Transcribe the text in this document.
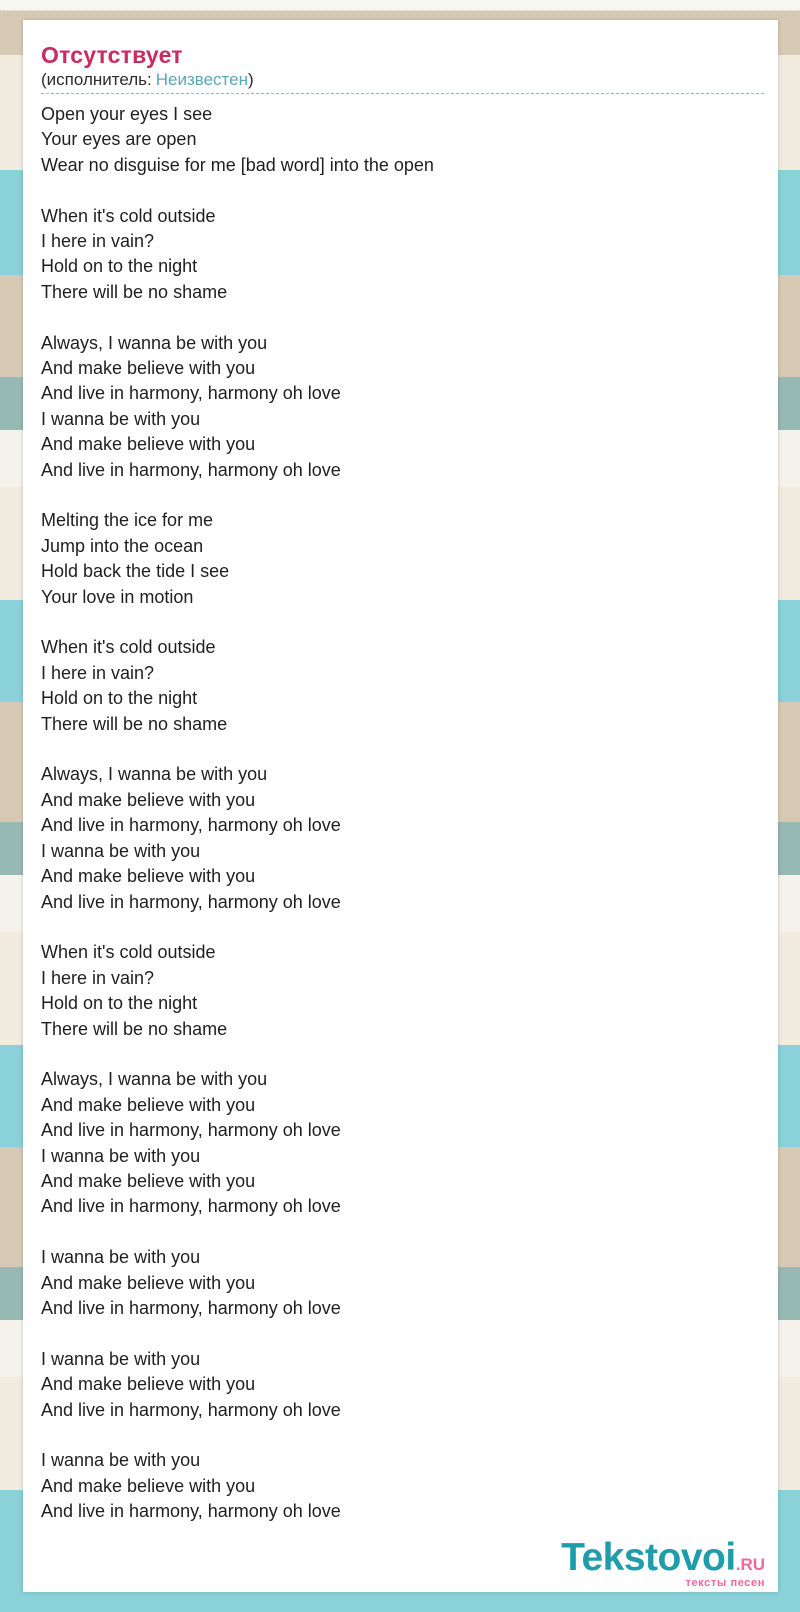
Отсутствует
(исполнитель: Неизвестен)
Open your eyes I see
Your eyes are open
Wear no disguise for me [bad word] into the open
When it's cold outside
I here in vain?
Hold on to the night
There will be no shame
Always, I wanna be with you
And make believe with you
And live in harmony, harmony oh love
I wanna be with you
And make believe with you
And live in harmony, harmony oh love
Melting the ice for me
Jump into the ocean
Hold back the tide I see
Your love in motion
When it's cold outside
I here in vain?
Hold on to the night
There will be no shame
Always, I wanna be with you
And make believe with you
And live in harmony, harmony oh love
I wanna be with you
And make believe with you
And live in harmony, harmony oh love
When it's cold outside
I here in vain?
Hold on to the night
There will be no shame
Always, I wanna be with you
And make believe with you
And live in harmony, harmony oh love
I wanna be with you
And make believe with you
And live in harmony, harmony oh love
I wanna be with you
And make believe with you
And live in harmony, harmony oh love
I wanna be with you
And make believe with you
And live in harmony, harmony oh love
I wanna be with you
And make believe with you
And live in harmony, harmony oh love
Tekstovoi.RU
тексты песен
